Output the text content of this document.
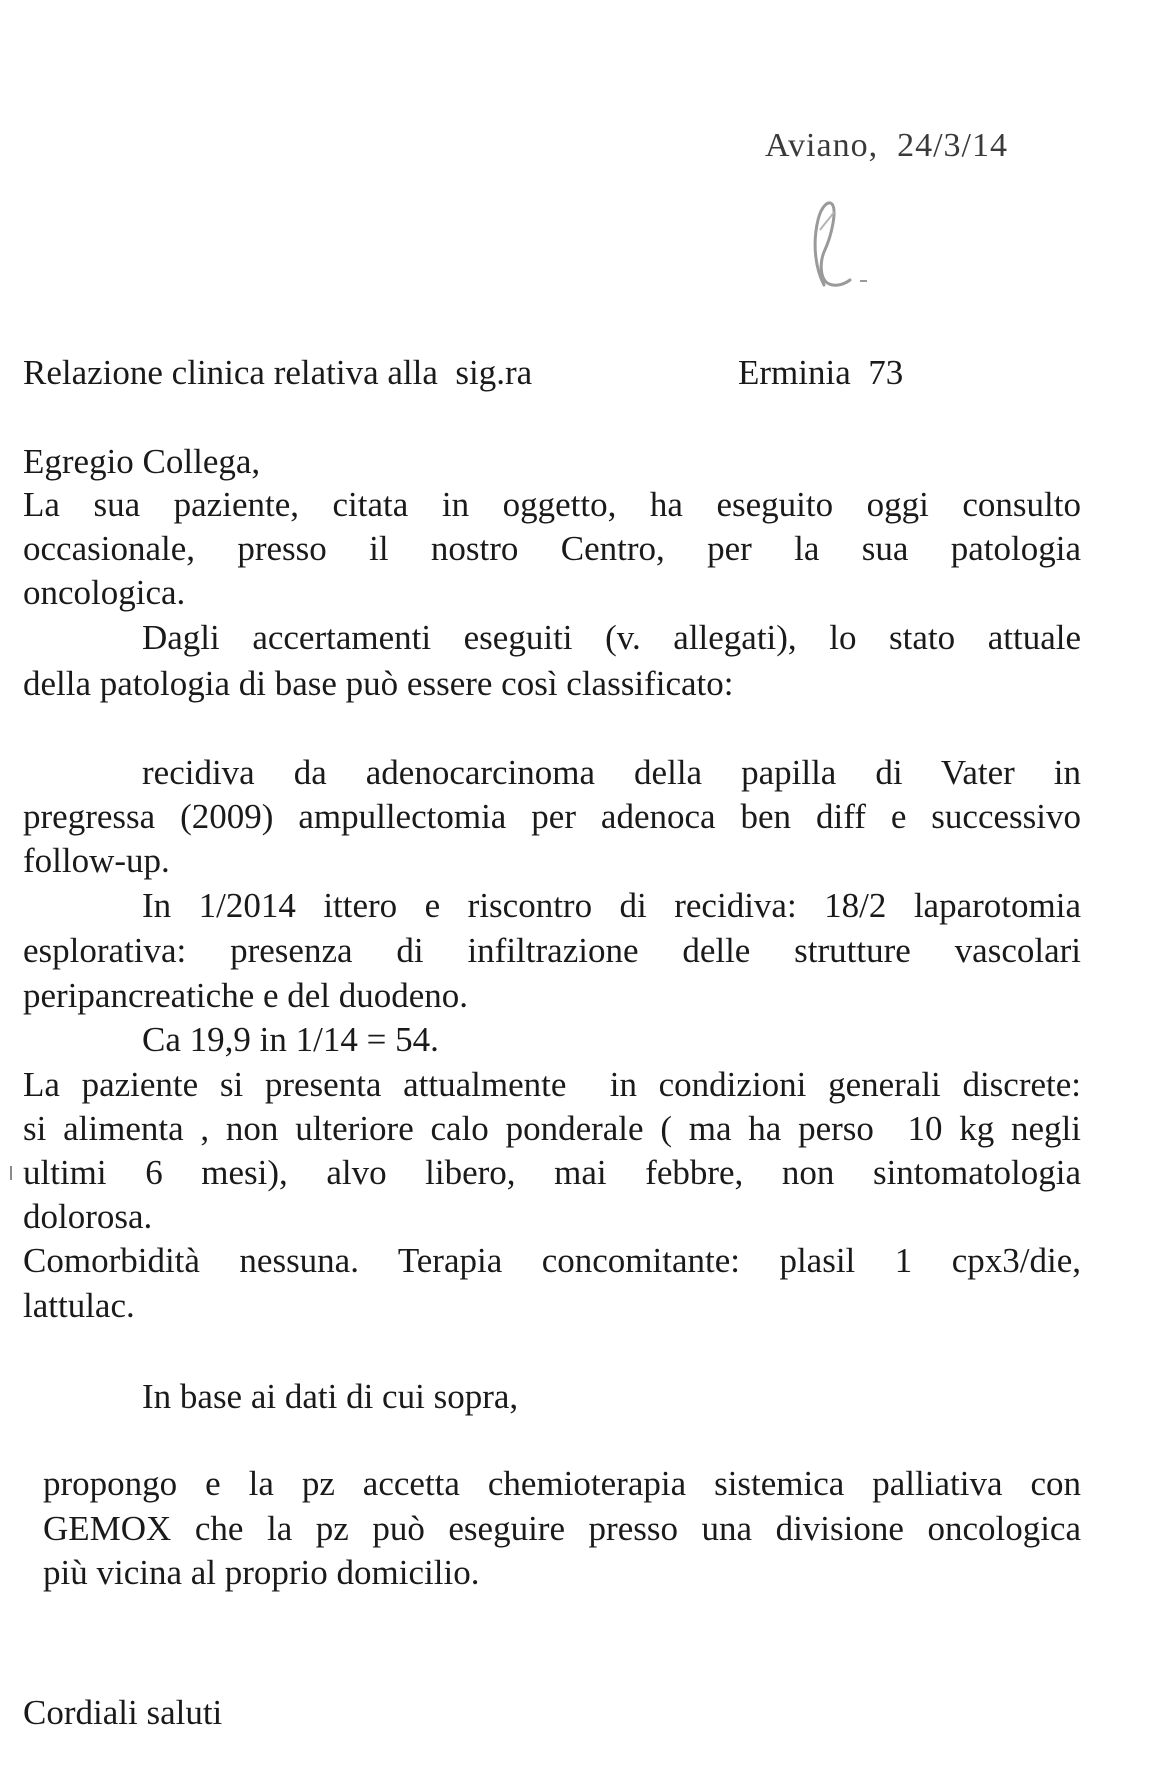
Aviano,  24/3/14
Relazione clinica relativa alla  sig.ra	Erminia  73
Egregio Collega,
La sua paziente, citata in oggetto, ha eseguito oggi consulto
occasionale, presso il nostro Centro, per la sua patologia
oncologica.
Dagli accertamenti eseguiti (v. allegati), lo stato attuale
della patologia di base può essere così classificato:
recidiva da adenocarcinoma della papilla di Vater in
pregressa (2009) ampullectomia per adenoca ben diff e successivo
follow-up.
In 1/2014 ittero e riscontro di recidiva: 18/2 laparotomia
esplorativa: presenza di infiltrazione delle strutture vascolari
peripancreatiche e del duodeno.
Ca 19,9 in 1/14 = 54.
La paziente si presenta attualmente  in condizioni generali discrete:
si alimenta , non ulteriore calo ponderale ( ma ha perso  10 kg negli
ultimi 6 mesi), alvo libero, mai febbre, non sintomatologia
dolorosa.
Comorbidità nessuna. Terapia concomitante: plasil 1 cpx3/die,
lattulac.
In base ai dati di cui sopra,
propongo e la pz accetta chemioterapia sistemica palliativa con
GEMOX che la pz può eseguire presso una divisione oncologica
più vicina al proprio domicilio.
Cordiali saluti
